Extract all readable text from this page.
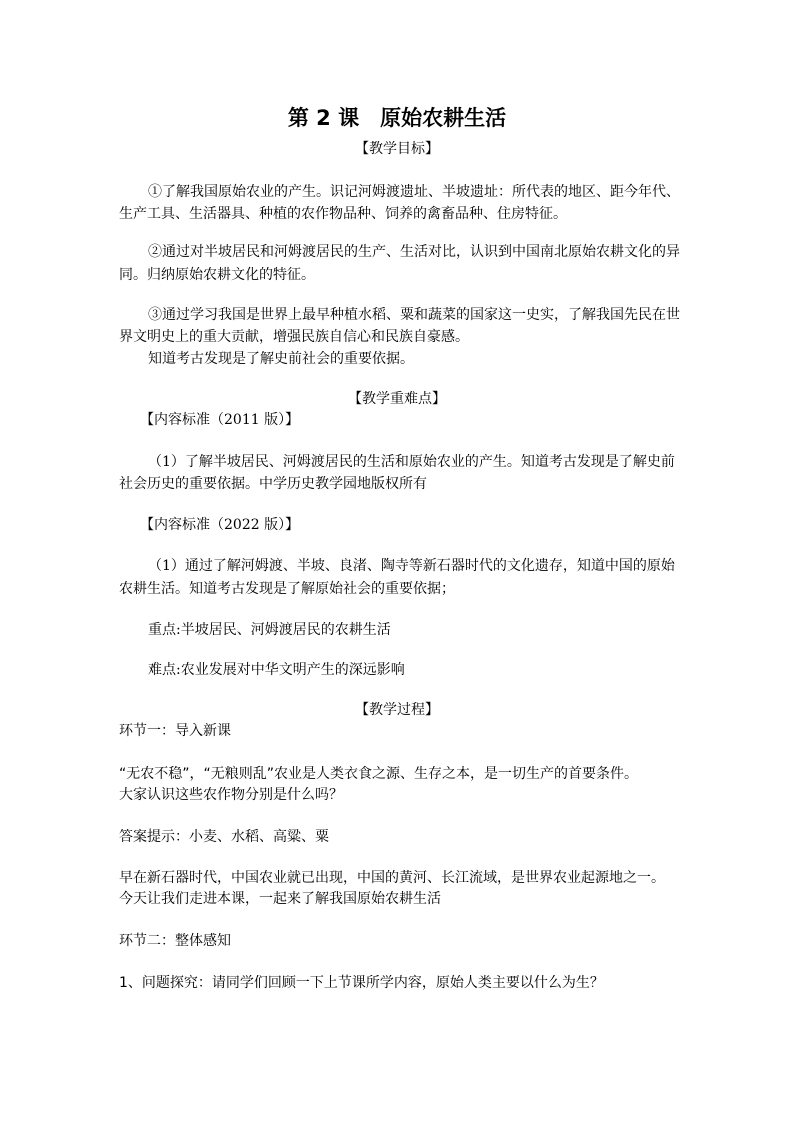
第 2 课　原始农耕生活
【教学目标】
①了解我国原始农业的产生。识记河姆渡遗址、半坡遗址：所代表的地区、距今年代、
生产工具、生活器具、种植的农作物品种、饲养的禽畜品种、住房特征。
②通过对半坡居民和河姆渡居民的生产、生活对比，认识到中国南北原始农耕文化的异
同。归纳原始农耕文化的特征。
③通过学习我国是世界上最早种植水稻、粟和蔬菜的国家这一史实，了解我国先民在世
界文明史上的重大贡献，增强民族自信心和民族自豪感。
知道考古发现是了解史前社会的重要依据。
【教学重难点】
【内容标准（2011 版）】
（1）了解半坡居民、河姆渡居民的生活和原始农业的产生。知道考古发现是了解史前
社会历史的重要依据。中学历史教学园地版权所有
【内容标准（2022 版）】
（1）通过了解河姆渡、半坡、良渚、陶寺等新石器时代的文化遗存，知道中国的原始
农耕生活。知道考古发现是了解原始社会的重要依据；
重点:半坡居民、河姆渡居民的农耕生活
难点:农业发展对中华文明产生的深远影响
【教学过程】
环节一：导入新课
“无农不稳”，“无粮则乱”农业是人类衣食之源、生存之本，是一切生产的首要条件。
大家认识这些农作物分别是什么吗？
答案提示：小麦、水稻、高粱、粟
早在新石器时代，中国农业就已出现，中国的黄河、长江流域，是世界农业起源地之一。
今天让我们走进本课，一起来了解我国原始农耕生活
环节二：整体感知
1、问题探究：请同学们回顾一下上节课所学内容，原始人类主要以什么为生？
